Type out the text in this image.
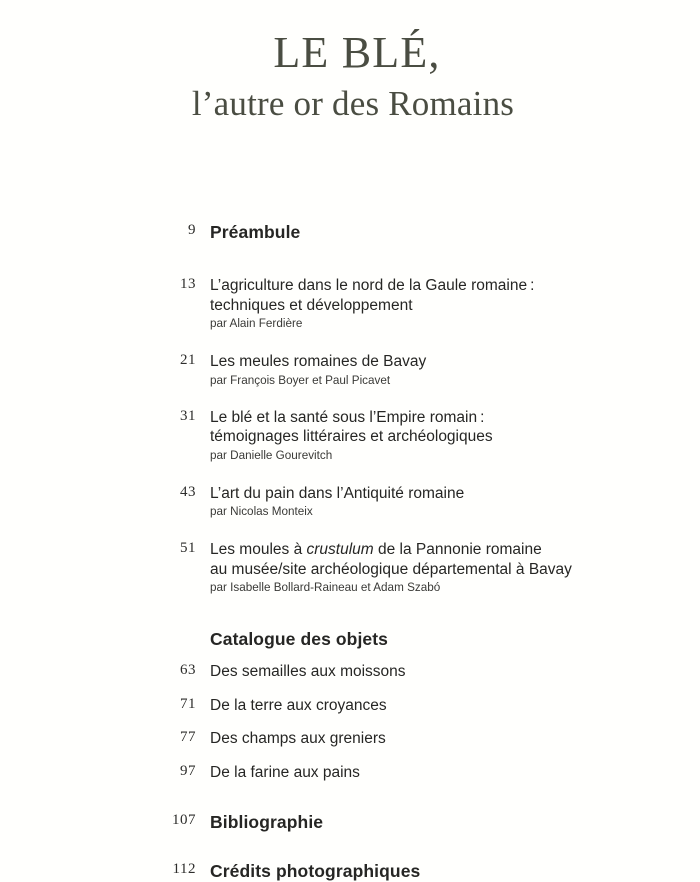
LE BLÉ,
l’autre or des Romains
9 Préambule
13 L’agriculture dans le nord de la Gaule romaine :
techniques et développement
par Alain Ferdière
21 Les meules romaines de Bavay
par François Boyer et Paul Picavet
31 Le blé et la santé sous l’Empire romain :
témoignages littéraires et archéologiques
par Danielle Gourevitch
43 L’art du pain dans l’Antiquité romaine
par Nicolas Monteix
51 Les moules à crustulum de la Pannonie romaine
au musée/site archéologique départemental à Bavay
par Isabelle Bollard-Raineau et Adam Szabó
Catalogue des objets
63 Des semailles aux moissons
71 De la terre aux croyances
77 Des champs aux greniers
97 De la farine aux pains
107 Bibliographie
112 Crédits photographiques
